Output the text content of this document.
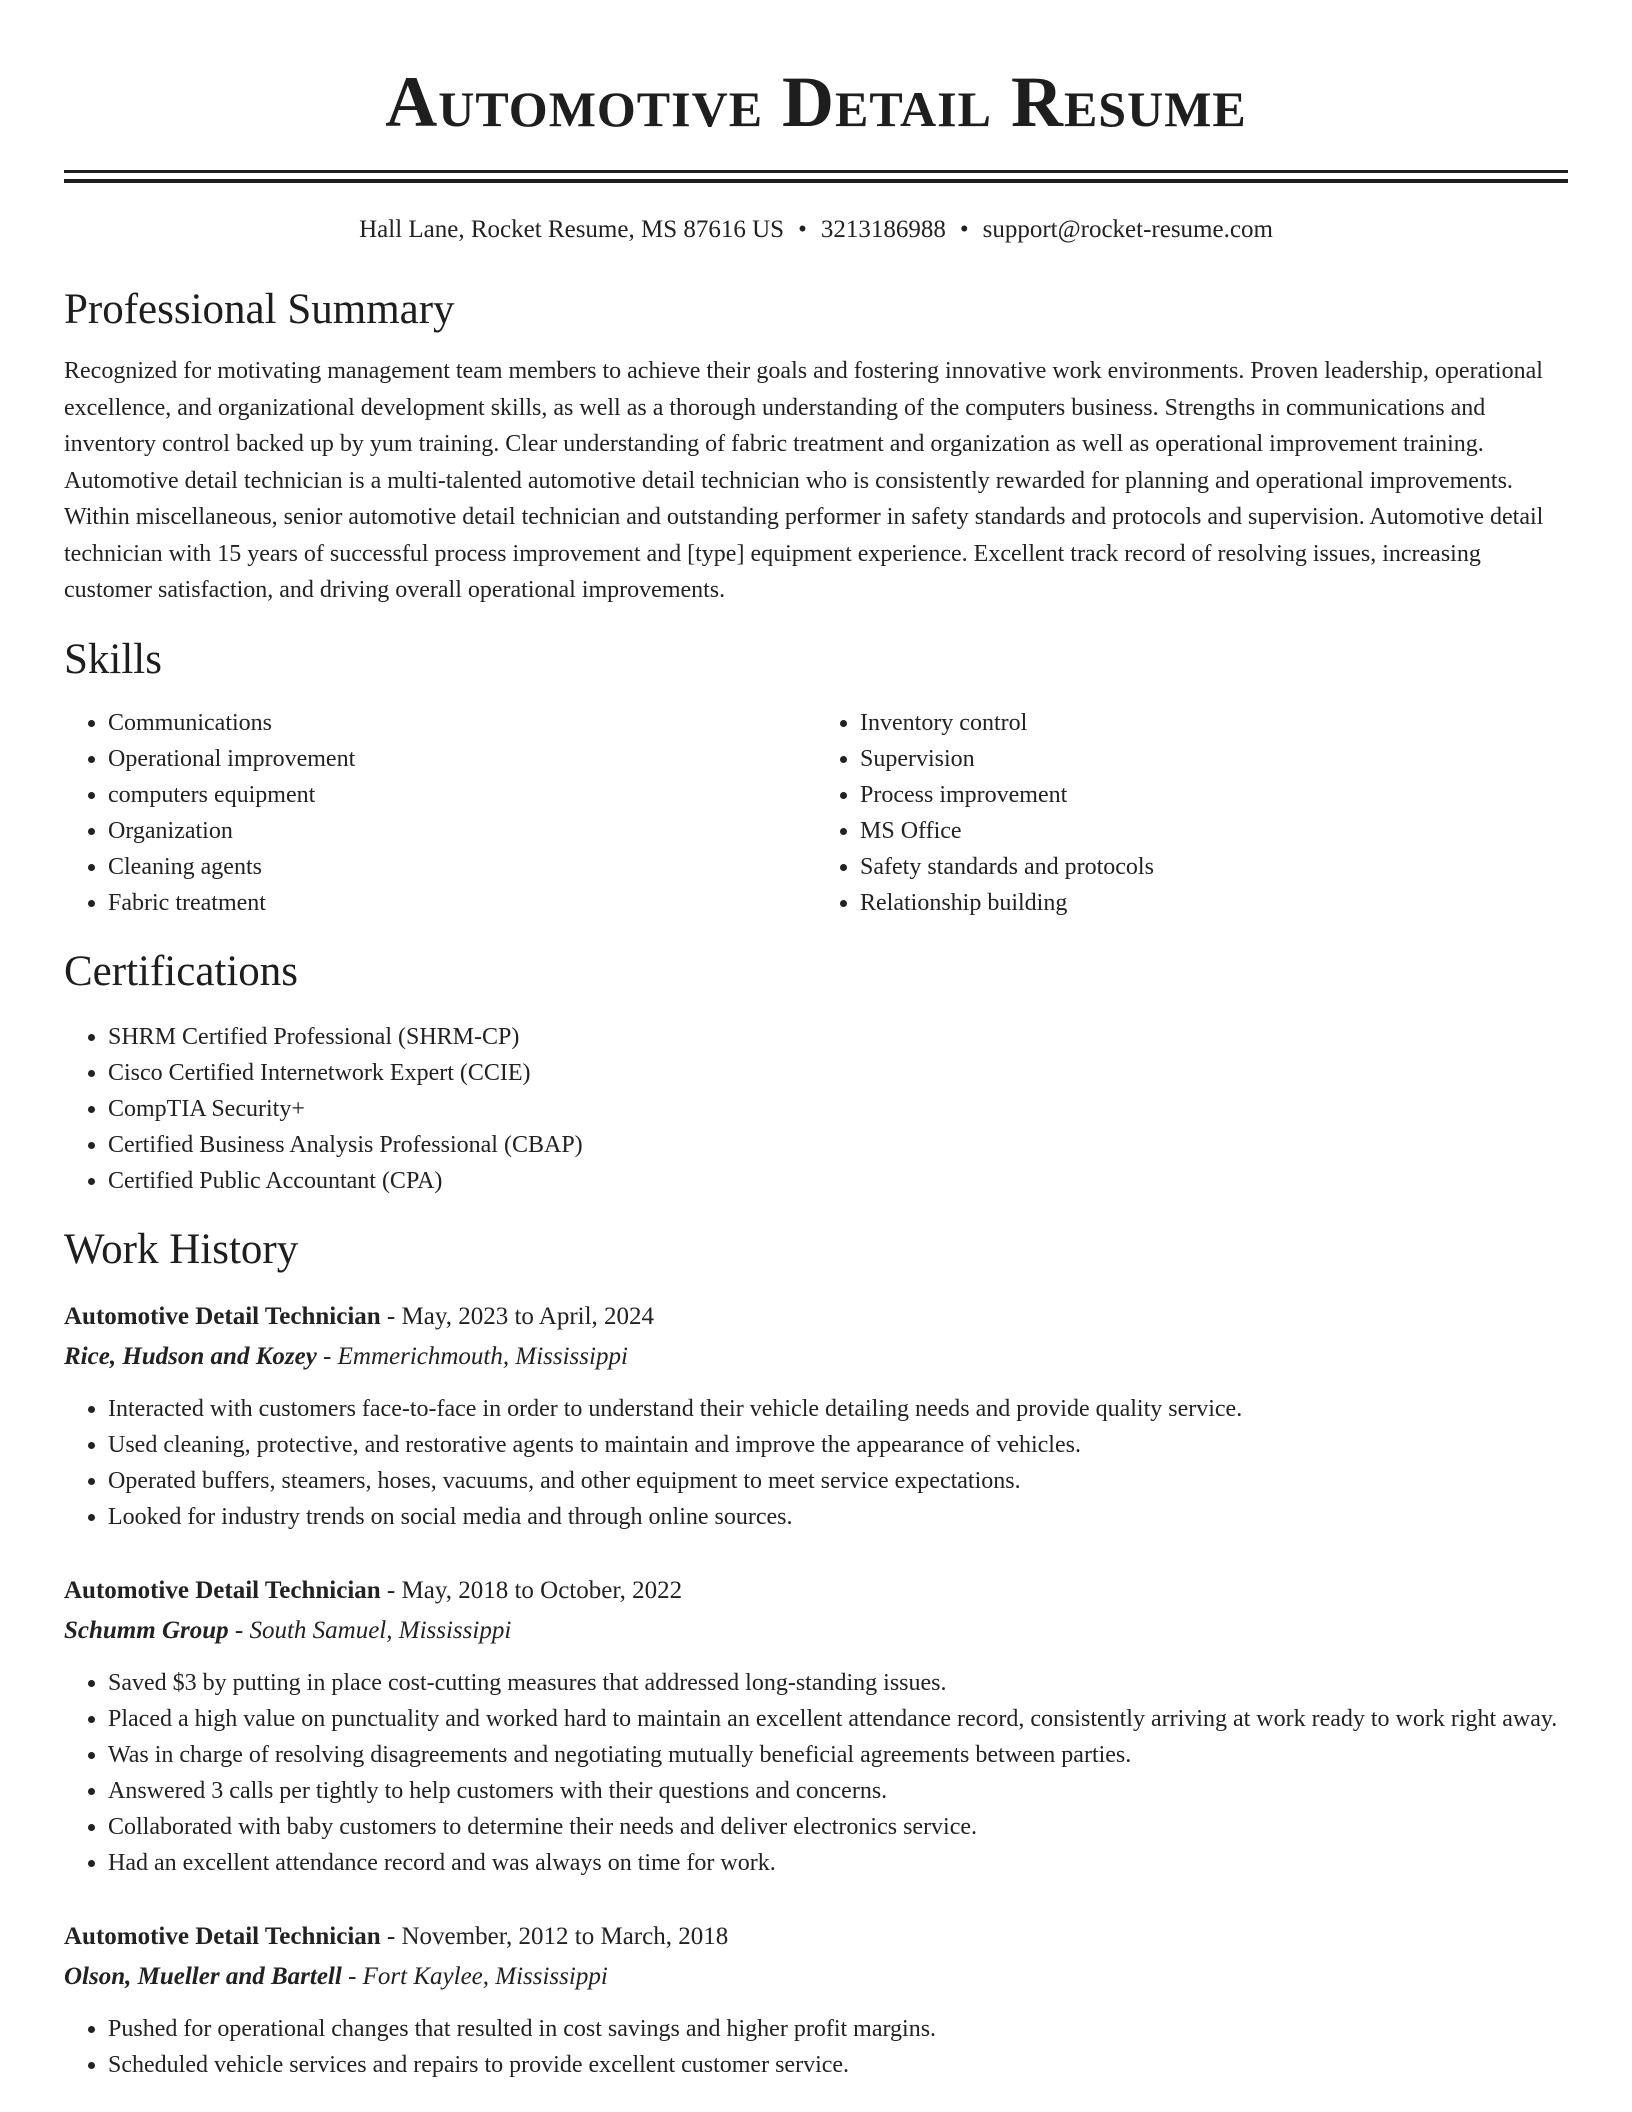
Automotive Detail Resume
Hall Lane, Rocket Resume, MS 87616 US • 3213186988 • support@rocket-resume.com
Professional Summary

Recognized for motivating management team members to achieve their goals and fostering innovative work environments. Proven leadership, operational excellence, and organizational development skills, as well as a thorough understanding of the computers business. Strengths in communications and inventory control backed up by yum training. Clear understanding of fabric treatment and organization as well as operational improvement training. Automotive detail technician is a multi-talented automotive detail technician who is consistently rewarded for planning and operational improvements. Within miscellaneous, senior automotive detail technician and outstanding performer in safety standards and protocols and supervision. Automotive detail technician with 15 years of successful process improvement and [type] equipment experience. Excellent track record of resolving issues, increasing customer satisfaction, and driving overall operational improvements.

Skills
• Communications
• Operational improvement
• computers equipment
• Organization
• Cleaning agents
• Fabric treatment
• Inventory control
• Supervision
• Process improvement
• MS Office
• Safety standards and protocols
• Relationship building
Certifications
• SHRM Certified Professional (SHRM-CP)
• Cisco Certified Internetwork Expert (CCIE)
• CompTIA Security+
• Certified Business Analysis Professional (CBAP)
• Certified Public Accountant (CPA)
Work History
Automotive Detail Technician - May, 2023 to April, 2024
Rice, Hudson and Kozey - Emmerichmouth, Mississippi
• Interacted with customers face-to-face in order to understand their vehicle detailing needs and provide quality service.
• Used cleaning, protective, and restorative agents to maintain and improve the appearance of vehicles.
• Operated buffers, steamers, hoses, vacuums, and other equipment to meet service expectations.
• Looked for industry trends on social media and through online sources.
Automotive Detail Technician - May, 2018 to October, 2022
Schumm Group - South Samuel, Mississippi
• Saved $3 by putting in place cost-cutting measures that addressed long-standing issues.
• Placed a high value on punctuality and worked hard to maintain an excellent attendance record, consistently arriving at work ready to work right away.
• Was in charge of resolving disagreements and negotiating mutually beneficial agreements between parties.
• Answered 3 calls per tightly to help customers with their questions and concerns.
• Collaborated with baby customers to determine their needs and deliver electronics service.
• Had an excellent attendance record and was always on time for work.
Automotive Detail Technician - November, 2012 to March, 2018
Olson, Mueller and Bartell - Fort Kaylee, Mississippi
• Pushed for operational changes that resulted in cost savings and higher profit margins.
• Scheduled vehicle services and repairs to provide excellent customer service.
